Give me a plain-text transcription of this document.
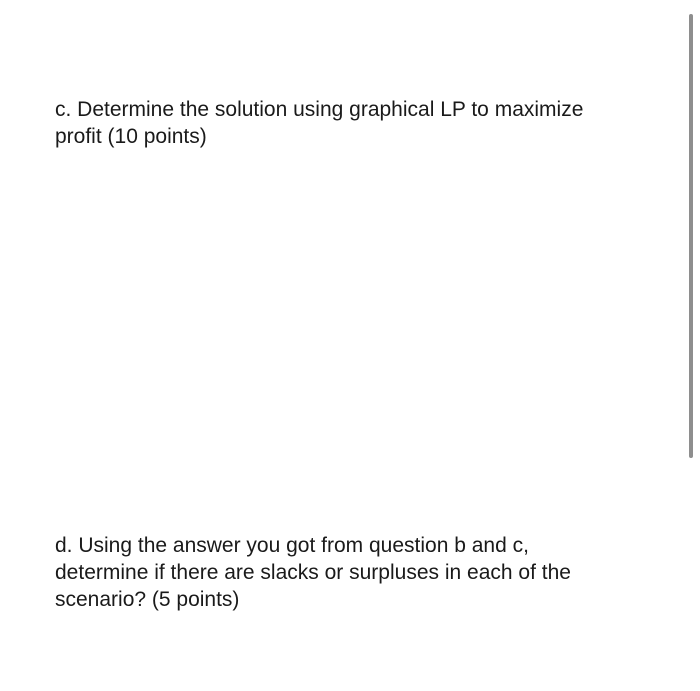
c. Determine the solution using graphical LP to maximize
profit (10 points)

d. Using the answer you got from question b and c,
determine if there are slacks or surpluses in each of the
scenario? (5 points)
